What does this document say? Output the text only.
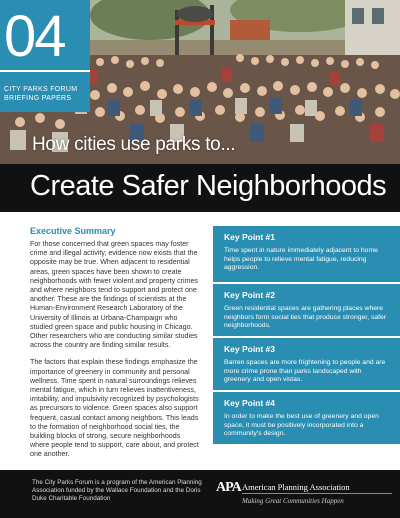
04
CITY PARKS FORUM
BRIEFING PAPERS
How cities use parks to...
Create Safer Neighborhoods
Executive Summary

For those concerned that green spaces may foster crime and illegal activity, evidence now exists that the opposite may be true. When adjacent to residential areas, green spaces have been shown to create neighborhoods with fewer violent and property crimes and where neighbors tend to support and protect one another. These are the findings of scientists at the Human-Environment Research Laboratory of the University of Illinois at Urbana-Champaign who studied green space and public housing in Chicago. Other researchers who are conducting similar studies across the country are finding similar results.

The factors that explain these findings emphasize the importance of greenery in community and personal wellness. Time spent in natural surroundings relieves mental fatigue, which in turn relieves inattentiveness, irritability, and impulsivity recognized by psychologists as precursors to violence. Green spaces also support frequent, casual contact among neighbors. This leads to the formation of neighborhood social ties, the building blocks of strong, secure neighborhoods where people tend to support, care about, and protect one another.

Key Point #1
Time spent in nature immediately adjacent to home helps people to relieve mental fatigue, reducing aggression.
Key Point #2
Green residential spaces are gathering places where neighbors form social ties that produce stronger, safer neighborhoods.
Key Point #3
Barren spaces are more frightening to people and are more crime prone than parks landscaped with greenery and open vistas.
Key Point #4
In order to make the best use of greenery and open space, it must be positively incorporated into a community's design.
The City Parks Forum is a program of the American Planning Association funded by the Wallace Foundation and the Doris Duke Charitable Foundation
APA American Planning Association
Making Great Communities Happen
